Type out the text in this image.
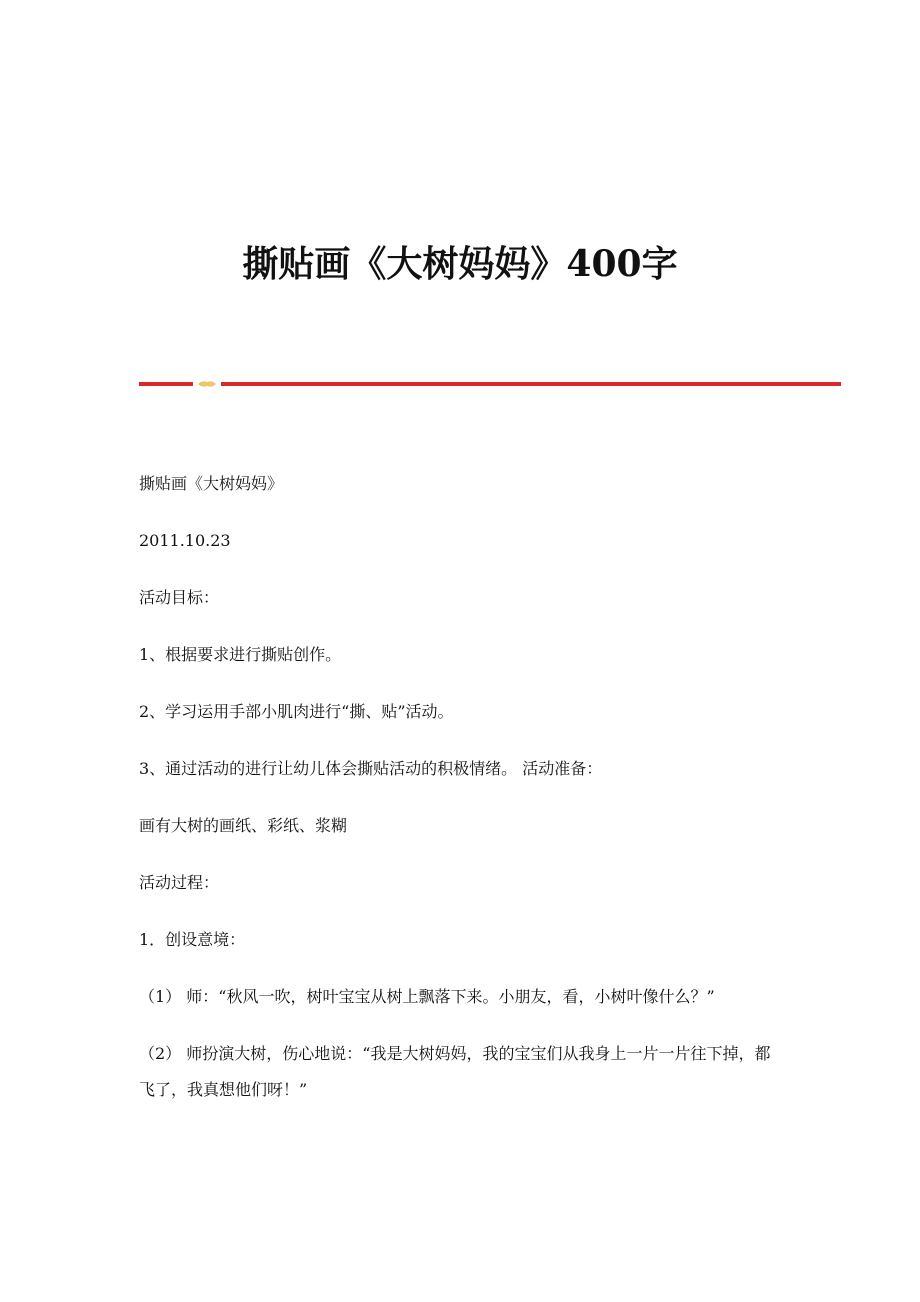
撕贴画《大树妈妈》400字

撕贴画《大树妈妈》

2011.10.23

活动目标：

1、根据要求进行撕贴创作。

2、学习运用手部小肌肉进行“撕、贴”活动。

3、通过活动的进行让幼儿体会撕贴活动的积极情绪。 活动准备：

画有大树的画纸、彩纸、浆糊

活动过程：

1．创设意境：

（1） 师：“秋风一吹，树叶宝宝从树上飘落下来。小朋友，看，小树叶像什么？”

（2） 师扮演大树，伤心地说：“我是大树妈妈，我的宝宝们从我身上一片一片往下掉，都飞了，我真想他们呀！”
